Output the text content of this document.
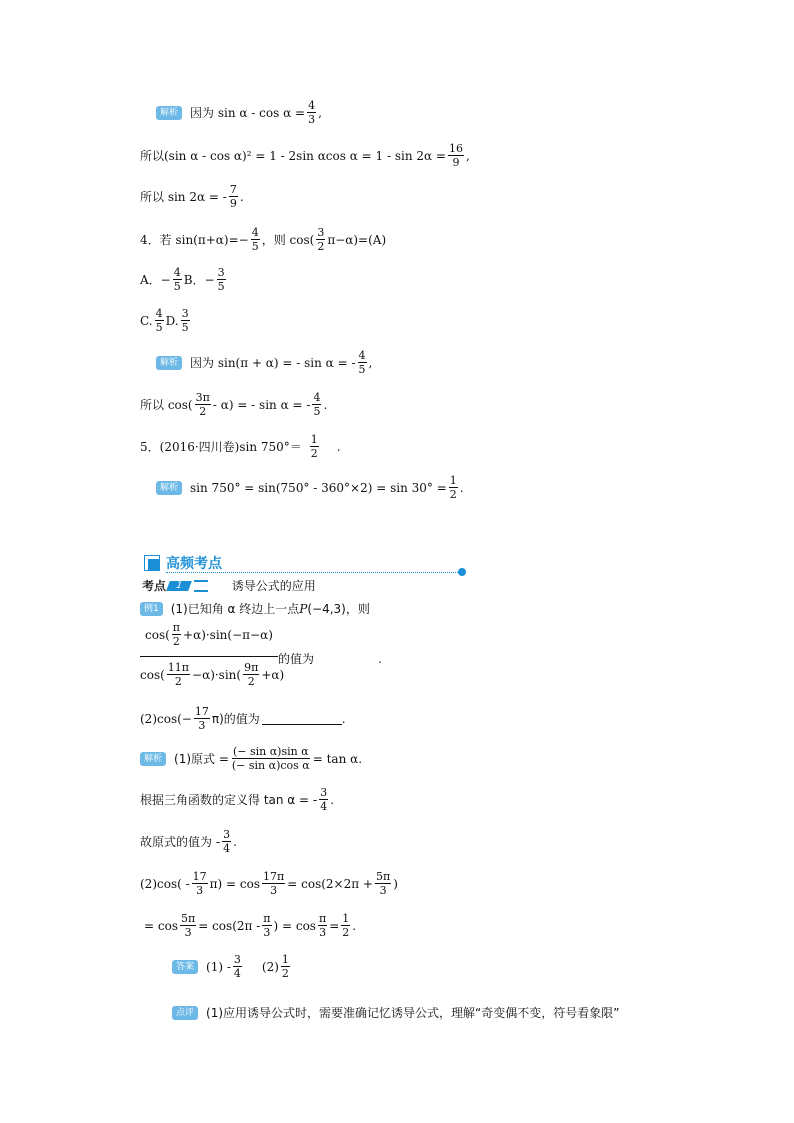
解析	因为 $\sin \alpha - \cos \alpha = \frac{4}{3}$ ,
所以(sin α - cos α)² = 1 - 2sin αcos $\alpha = 1 - \sin 2\alpha = \frac{16}{9}$ ,
所以 sin 2α = - $\frac{7}{9}$ .
4．若 $\sin(\pi+\alpha)=- \frac{4}{5}$ ，则 $\cos( \frac{3}{2} \pi-\alpha)=(A)$
A．− $\frac{4}{5}$ B．− $\frac{3}{5}$
C. $\frac{4}{5} D$. $\frac{3}{5}$
解析	因为 sin(π + α) = - sin α = - $\frac{4}{5}$ ,
所以 $\cos( \frac{3\pi}{2} - \alpha)$ = - sin α = - $\frac{4}{5}$ .
5．(2016·四川卷)sin $750^\circ= \frac{1}{2}$ .
解析	$\sin 750^\circ = \sin(750^\circ - 360^\circ\times 2) = \sin 30^\circ = \frac{1}{2}$ .
高频考点
考点 1	诱导公式的应用
例1	(1)已知角 α 终边上一点 P (−4,3)，则
$\cos( \frac{\pi}{2} +\alpha)\cdot\sin(-\pi-\alpha)$
的值为	.
$\cos( \frac{11\pi}{2} -\alpha)\cdot\sin( \frac{9\pi}{2} +\alpha)$
$(2)\cos(- \frac{17}{3} \pi)$的值为	.
解析	(1)原式 = $\frac{\text{(− sin α)sin α}}{\text{(− sin α)cos α}} = \tan \alpha$.
根据三角函数的定义得 tan α = - $\frac{3}{4}$ .
故原式的值为 - $\frac{3}{4}$ .
$(2)\cos( - \frac{17}{3} \pi) = \cos \frac{17\pi}{3} = \cos(2\times 2\pi + \frac{5\pi}{3}$ )
= $\cos \frac{5\pi}{3} = \cos(2\pi - \frac{\pi}{3}$ ) = $\cos \frac{\pi}{3} = \frac{1}{2}$ .
答案	$(1) - \frac{3}{4} (2) \frac{1}{2}$
点评	(1)应用诱导公式时，需要准确记忆诱导公式，理解“奇变偶不变，符号看象限”
